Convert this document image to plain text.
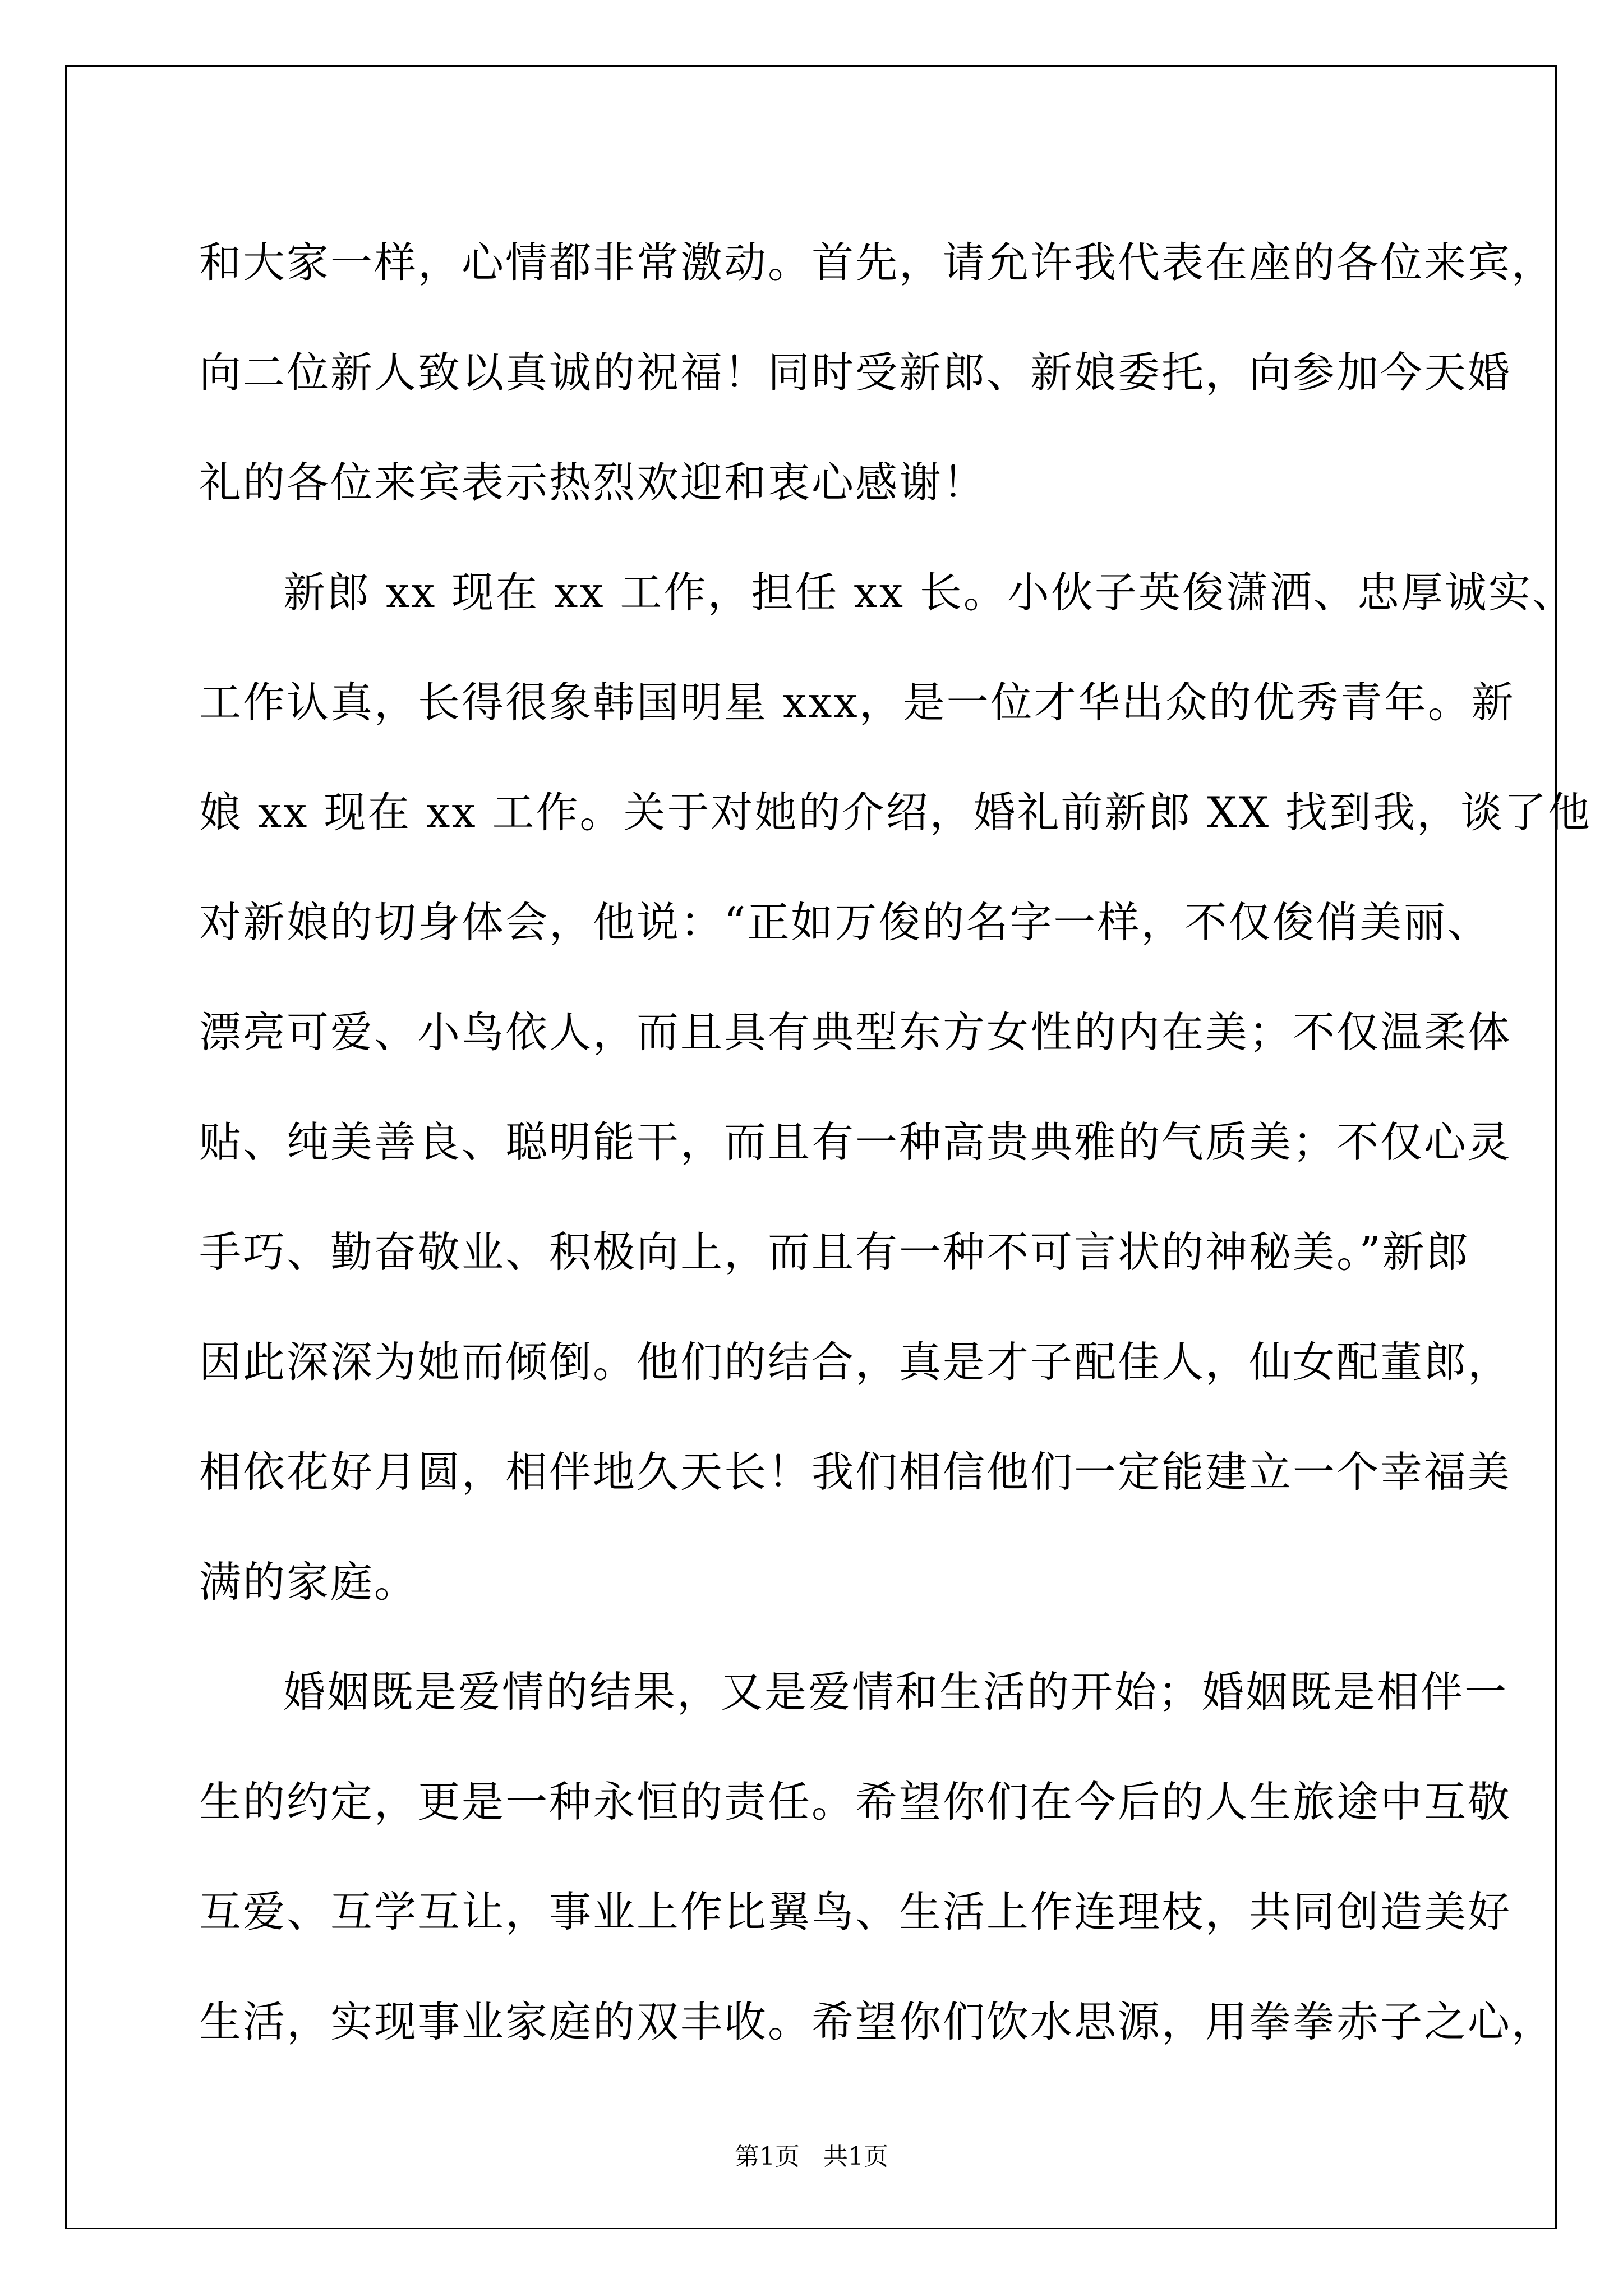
和大家一样，心情都非常激动。首先，请允许我代表在座的各位来宾，
向二位新人致以真诚的祝福！同时受新郎、新娘委托，向参加今天婚
礼的各位来宾表示热烈欢迎和衷心感谢！
新郎 xx 现在 xx 工作，担任 xx 长。小伙子英俊潇洒、忠厚诚实、
工作认真，长得很象韩国明星 xxx，是一位才华出众的优秀青年。新
娘 xx 现在 xx 工作。关于对她的介绍，婚礼前新郎 XX 找到我，谈了他
对新娘的切身体会，他说：“正如万俊的名字一样，不仅俊俏美丽、
漂亮可爱、小鸟依人，而且具有典型东方女性的内在美；不仅温柔体
贴、纯美善良、聪明能干，而且有一种高贵典雅的气质美；不仅心灵
手巧、勤奋敬业、积极向上，而且有一种不可言状的神秘美。”新郎
因此深深为她而倾倒。他们的结合，真是才子配佳人，仙女配董郎，
相依花好月圆，相伴地久天长！我们相信他们一定能建立一个幸福美
满的家庭。
婚姻既是爱情的结果，又是爱情和生活的开始；婚姻既是相伴一
生的约定，更是一种永恒的责任。希望你们在今后的人生旅途中互敬
互爱、互学互让，事业上作比翼鸟、生活上作连理枝，共同创造美好
生活，实现事业家庭的双丰收。希望你们饮水思源，用拳拳赤子之心，
第1页   共1页
